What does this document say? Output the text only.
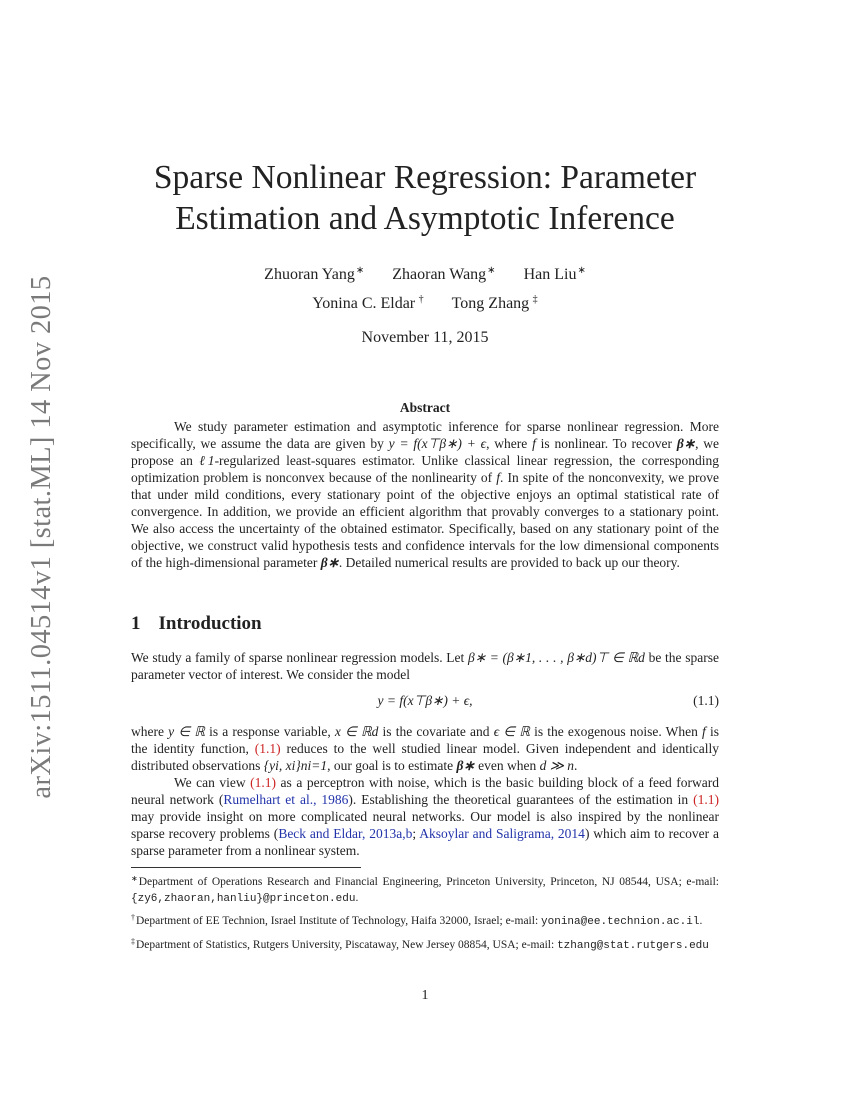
arXiv:1511.04514v1 [stat.ML] 14 Nov 2015
Sparse Nonlinear Regression: Parameter
Estimation and Asymptotic Inference
Zhuoran Yang∗ Zhaoran Wang∗ Han Liu∗
Yonina C. Eldar † Tong Zhang ‡
November 11, 2015
Abstract
We study parameter estimation and asymptotic inference for sparse nonlinear regression. More specifically, we assume the data are given by y = f(x⊤β∗) + ϵ, where f is nonlinear. To recover β∗, we propose an ℓ1-regularized least-squares estimator. Unlike classical linear regression, the corresponding optimization problem is nonconvex because of the nonlinearity of f. In spite of the nonconvexity, we prove that under mild conditions, every stationary point of the objective enjoys an optimal statistical rate of convergence. In addition, we provide an efficient algorithm that provably converges to a stationary point. We also access the uncertainty of the obtained estimator. Specifically, based on any stationary point of the objective, we construct valid hypothesis tests and confidence intervals for the low dimensional components of the high-dimensional parameter β∗. Detailed numerical results are provided to back up our theory.
1 Introduction
We study a family of sparse nonlinear regression models. Let β∗ = (β∗1, . . . , β∗d)⊤ ∈ ℝd be the sparse parameter vector of interest. We consider the model
y = f(x⊤β∗) + ϵ,	(1.1)
where y ∈ ℝ is a response variable, x ∈ ℝd is the covariate and ϵ ∈ ℝ is the exogenous noise. When f is the identity function, (1.1) reduces to the well studied linear model. Given independent and identically distributed observations {yi, xi}ni=1, our goal is to estimate β∗ even when d ≫ n.
We can view (1.1) as a perceptron with noise, which is the basic building block of a feed forward neural network (Rumelhart et al., 1986). Establishing the theoretical guarantees of the estimation in (1.1) may provide insight on more complicated neural networks. Our model is also inspired by the nonlinear sparse recovery problems (Beck and Eldar, 2013a,b; Aksoylar and Saligrama, 2014) which aim to recover a sparse parameter from a nonlinear system.
∗Department of Operations Research and Financial Engineering, Princeton University, Princeton, NJ 08544, USA; e-mail: {zy6,zhaoran,hanliu}@princeton.edu.
†Department of EE Technion, Israel Institute of Technology, Haifa 32000, Israel; e-mail: yonina@ee.technion.ac.il.
‡Department of Statistics, Rutgers University, Piscataway, New Jersey 08854, USA; e-mail: tzhang@stat.rutgers.edu
1
